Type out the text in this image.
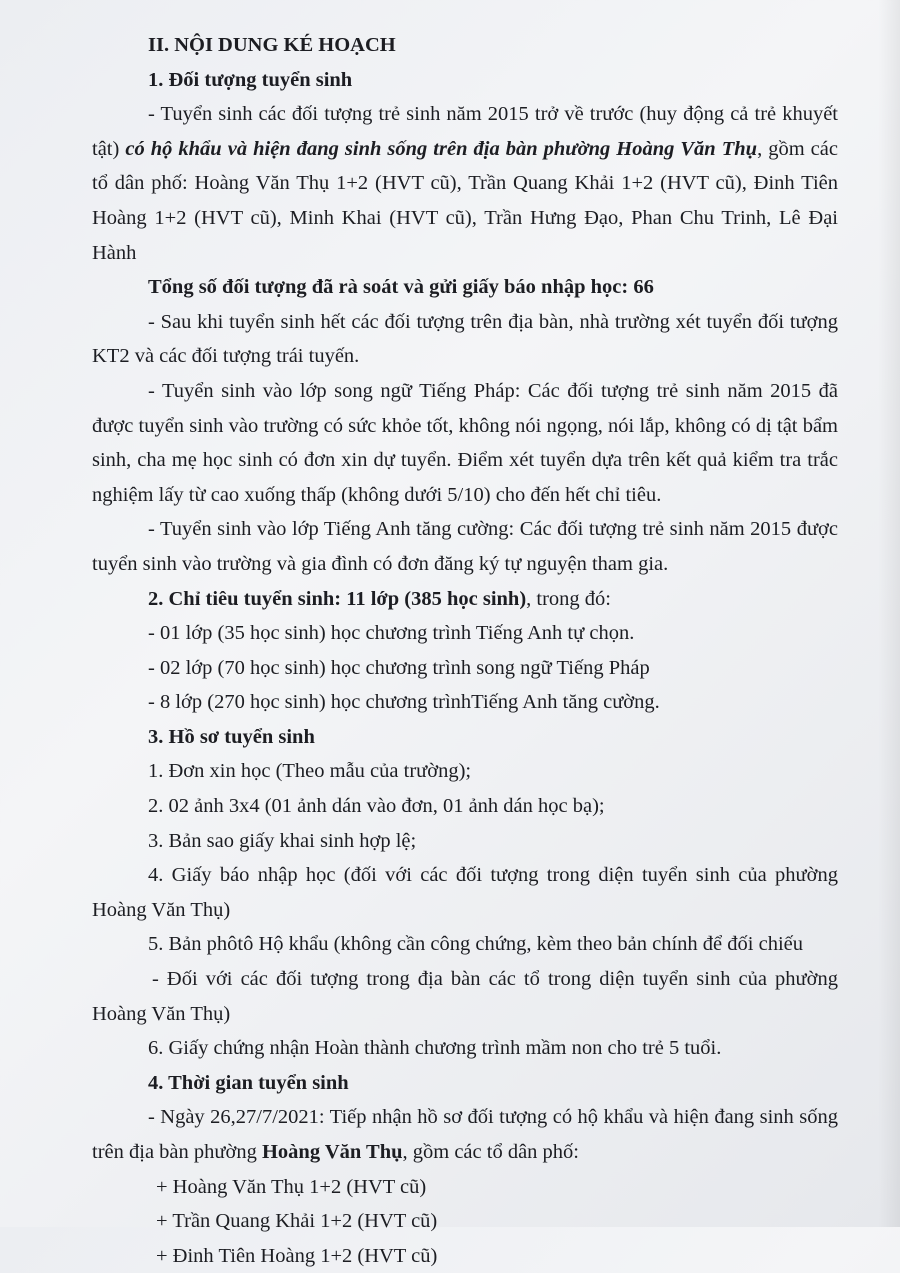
II. NỘI DUNG KÉ HOẠCH

1. Đối tượng tuyển sinh

- Tuyển sinh các đối tượng trẻ sinh năm 2015 trở về trước (huy động cả trẻ khuyết tật) có hộ khẩu và hiện đang sinh sống trên địa bàn phường Hoàng Văn Thụ, gồm các tổ dân phố: Hoàng Văn Thụ 1+2 (HVT cũ), Trần Quang Khải 1+2 (HVT cũ), Đinh Tiên Hoàng 1+2 (HVT cũ), Minh Khai (HVT cũ), Trần Hưng Đạo, Phan Chu Trinh, Lê Đại Hành

Tổng số đối tượng đã rà soát và gửi giấy báo nhập học: 66

- Sau khi tuyển sinh hết các đối tượng trên địa bàn, nhà trường xét tuyển đối tượng KT2 và các đối tượng trái tuyến.

- Tuyển sinh vào lớp song ngữ Tiếng Pháp: Các đối tượng trẻ sinh năm 2015 đã được tuyển sinh vào trường có sức khỏe tốt, không nói ngọng, nói lắp, không có dị tật bẩm sinh, cha mẹ học sinh có đơn xin dự tuyển. Điểm xét tuyển dựa trên kết quả kiểm tra trắc nghiệm lấy từ cao xuống thấp (không dưới 5/10) cho đến hết chỉ tiêu.

- Tuyển sinh vào lớp Tiếng Anh tăng cường: Các đối tượng trẻ sinh năm 2015 được tuyển sinh vào trường và gia đình có đơn đăng ký tự nguyện tham gia.

2. Chỉ tiêu tuyển sinh: 11 lớp (385 học sinh), trong đó:

- 01 lớp (35 học sinh) học chương trình Tiếng Anh tự chọn.

- 02 lớp (70 học sinh) học chương trình song ngữ Tiếng Pháp

- 8 lớp (270 học sinh) học chương trìnhTiếng Anh tăng cường.

3. Hồ sơ tuyển sinh

1. Đơn xin học (Theo mẫu của trường);

2. 02 ảnh 3x4 (01 ảnh dán vào đơn, 01 ảnh dán học bạ);

3. Bản sao giấy khai sinh hợp lệ;

4. Giấy báo nhập học (đối với các đối tượng trong diện tuyển sinh của phường Hoàng Văn Thụ)

5. Bản phôtô Hộ khẩu (không cần công chứng, kèm theo bản chính để đối chiếu

- Đối với các đối tượng trong địa bàn các tổ trong diện tuyển sinh của phường Hoàng Văn Thụ)

6. Giấy chứng nhận Hoàn thành chương trình mầm non cho trẻ 5 tuổi.

4. Thời gian tuyển sinh

- Ngày 26,27/7/2021: Tiếp nhận hồ sơ đối tượng có hộ khẩu và hiện đang sinh sống trên địa bàn phường Hoàng Văn Thụ, gồm các tổ dân phố:

+ Hoàng Văn Thụ 1+2 (HVT cũ)

+ Trần Quang Khải 1+2 (HVT cũ)

+ Đinh Tiên Hoàng 1+2 (HVT cũ)
